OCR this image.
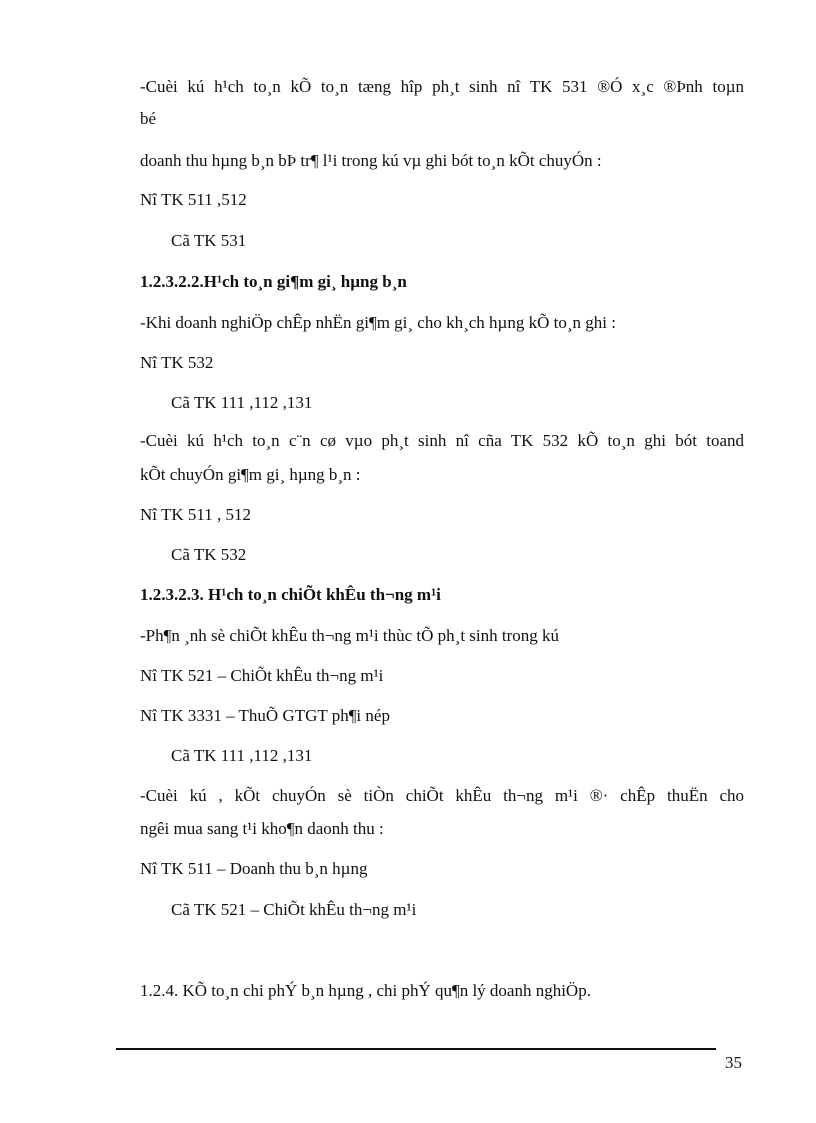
-Cuèi kú h¹ch to¸n kÕ to¸n tæng hîp ph¸t sinh nî TK 531 ®Ó x¸c ®Þnh toµn
bé
doanh thu hµng b¸n bÞ tr¶ l¹i trong kú vµ ghi bót to¸n kÕt chuyÓn :
Nî TK 511 ,512
Cã TK 531
1.2.3.2.2.H¹ch to¸n gi¶m gi¸ hµng b¸n
-Khi doanh nghiÖp chÊp nhËn gi¶m gi¸ cho kh¸ch hµng kÕ to¸n ghi :
Nî TK 532
Cã TK 111 ,112 ,131
-Cuèi kú h¹ch to¸n c¨n cø vµo ph¸t sinh nî cña TK 532 kÕ to¸n ghi bót toand
kÕt chuyÓn gi¶m gi¸ hµng b¸n :
Nî TK 511 , 512
Cã TK 532
1.2.3.2.3. H¹ch to¸n chiÕt khÊu th¬ng m¹i
-Ph¶n ¸nh sè chiÕt khÊu th¬ng m¹i thùc tÕ ph¸t sinh trong kú
Nî TK 521 – ChiÕt khÊu th¬ng m¹i
Nî TK 3331 – ThuÕ GTGT ph¶i nép
Cã TK 111 ,112 ,131
-Cuèi kú , kÕt chuyÓn sè tiÒn chiÕt khÊu th¬ng m¹i ®· chÊp thuËn cho
ngêi mua sang t¹i kho¶n daonh thu :
Nî TK 511 – Doanh thu b¸n hµng
Cã TK 521 – ChiÕt khÊu th¬ng m¹i
1.2.4. KÕ to¸n chi phÝ b¸n hµng , chi phÝ qu¶n lý doanh nghiÖp.
35
